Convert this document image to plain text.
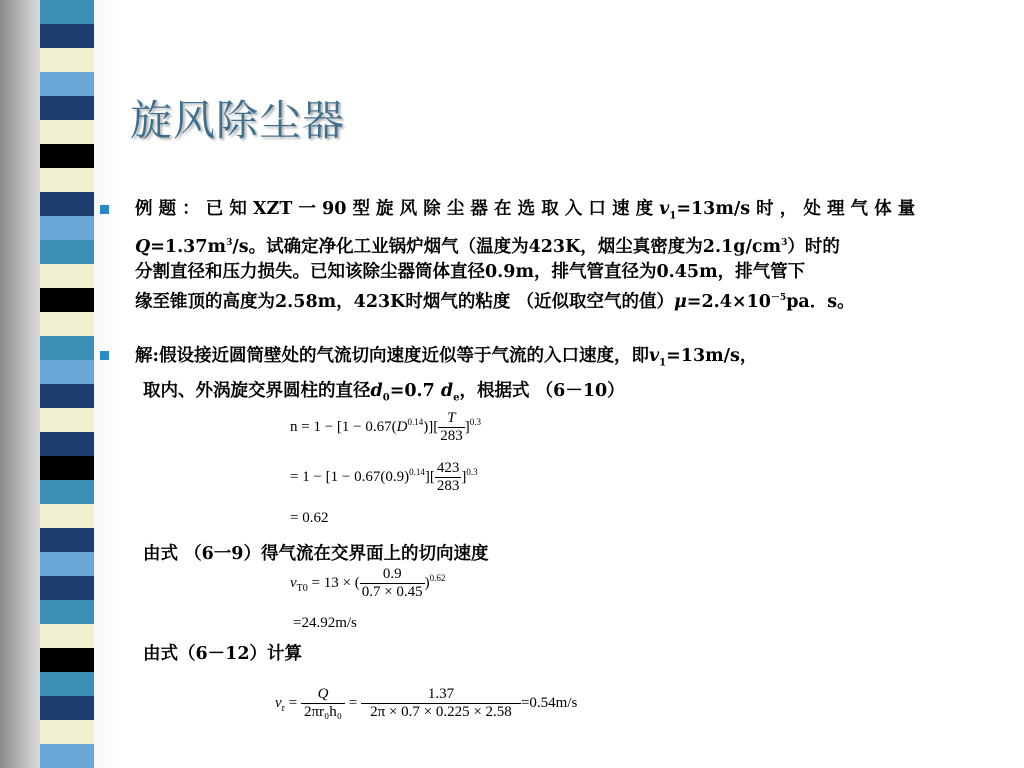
旋风除尘器
例 题 ： 已 知 XZT 一 90 型 旋 风 除 尘 器 在 选 取 入 口 速 度 $v_1=13m/s$ 时 ， 处 理 气 体 量
$Q=1.37m^3/s$。试确定净化工业锅炉烟气（温度为423K，烟尘真密度为$2.1g/cm^3$）时的
分割直径和压力损失。已知该除尘器筒体直径0.9m，排气管直径为0.45m，排气管下
缘至锥顶的高度为2.58m，423K时烟气的粘度 （近似取空气的值）$\mu=2.4\times 10^{-5}pa$．s。
解:假设接近圆筒壁处的气流切向速度近似等于气流的入口速度，即$v_1=13m/s$，
取内、外涡旋交界圆柱的直径$d_0=0.7$ $d_e$，根据式 （6－10）
$n = 1 - [1 - 0.67(D^{0.14})][ \frac{T}{283} ]^{0.3}$
= $1 - [1 - 0.67(0.9)^{0.14}][ \frac{423}{283} ]^{0.3}$
= 0.62
由式 （6一9）得气流在交界面上的切向速度
$v_{T0} = 13$ × ( $\frac{0.9}{0.7 \times 0.45} )^{0.62}$
=24.92m/s
由式（6－12）计算
$v_r = \frac{Q}{\text{2πr₀h₀}} = \frac{1.37}{2\pi \times 0.7 \times 0.225 \times 2.58} =0.54m/s$
